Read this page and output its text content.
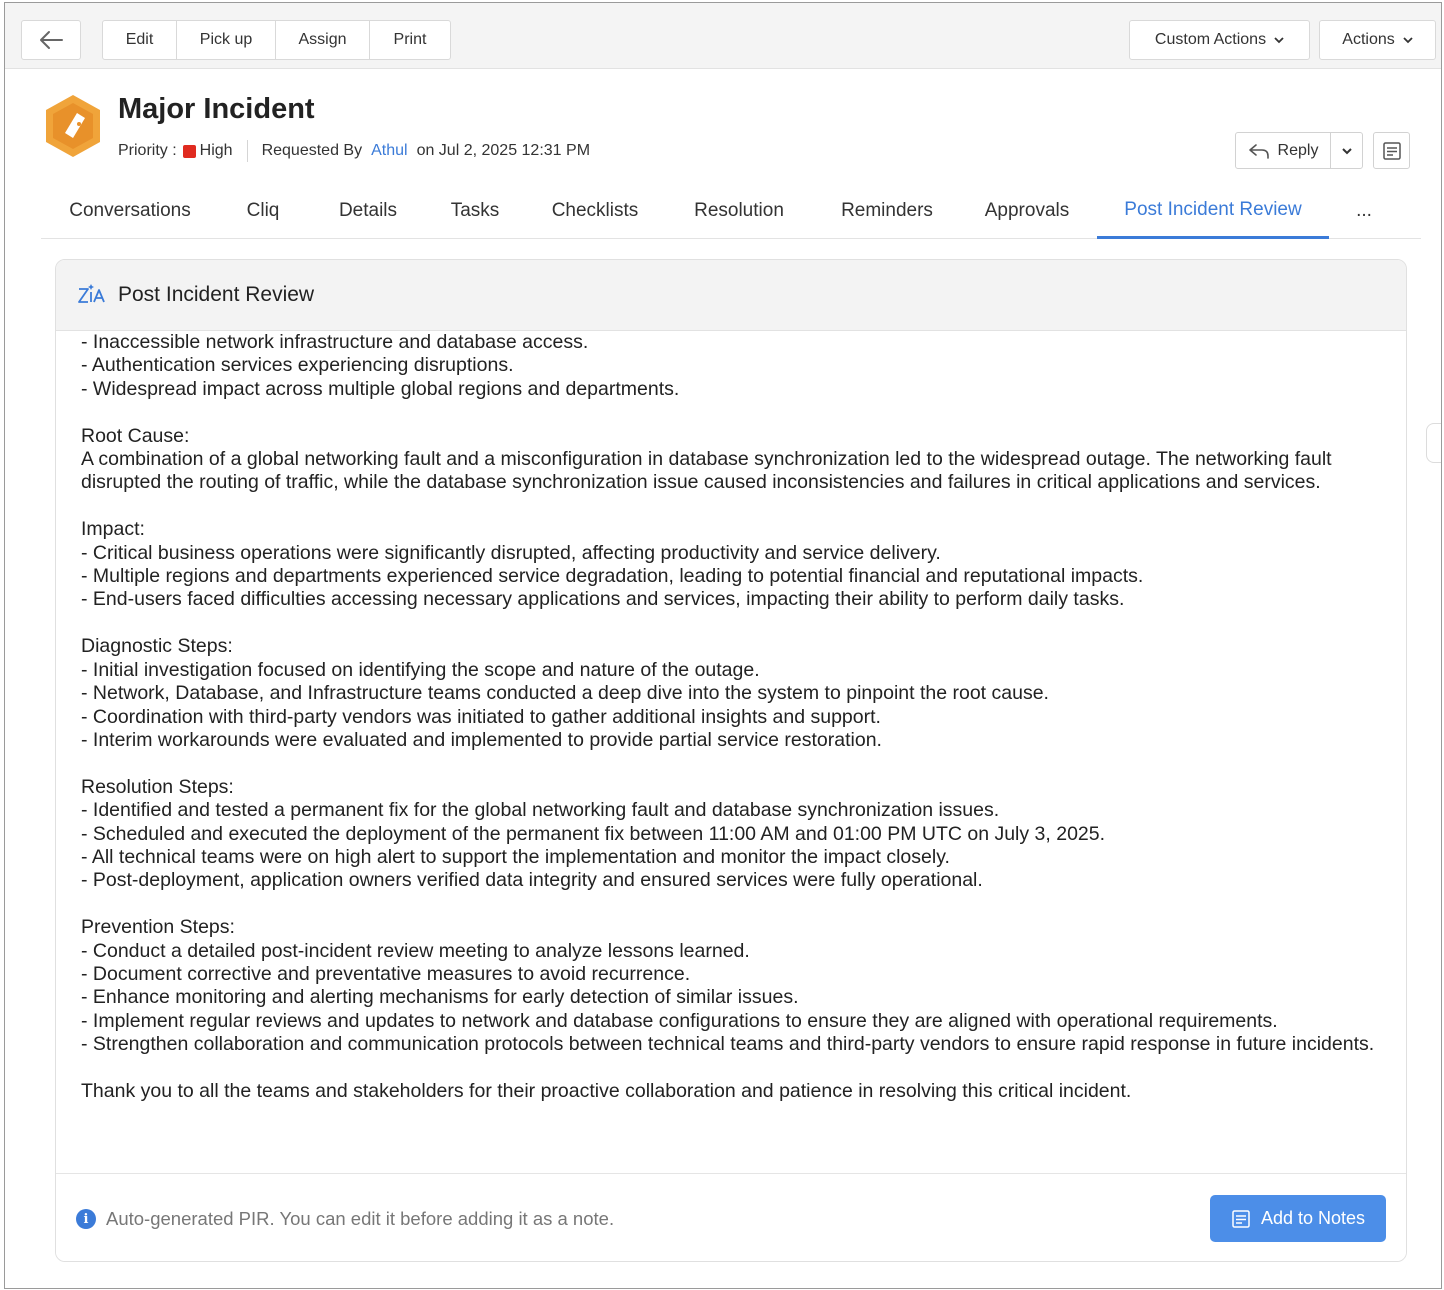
Edit	Pick up	Assign	Print	Custom Actions	Actions
Major Incident
Priority : High Requested By Athul on Jul 2, 2025 12:31 PM	Reply
Conversations	Cliq	Details	Tasks	Checklists	Resolution	Reminders	Approvals	Post Incident Review	...
Post Incident Review
- Inaccessible network infrastructure and database access.
- Authentication services experiencing disruptions.
- Widespread impact across multiple global regions and departments.

Root Cause:
A combination of a global networking fault and a misconfiguration in database synchronization led to the widespread outage. The networking fault disrupted the routing of traffic, while the database synchronization issue caused inconsistencies and failures in critical applications and services.

Impact:
- Critical business operations were significantly disrupted, affecting productivity and service delivery.
- Multiple regions and departments experienced service degradation, leading to potential financial and reputational impacts.
- End-users faced difficulties accessing necessary applications and services, impacting their ability to perform daily tasks.

Diagnostic Steps:
- Initial investigation focused on identifying the scope and nature of the outage.
- Network, Database, and Infrastructure teams conducted a deep dive into the system to pinpoint the root cause.
- Coordination with third-party vendors was initiated to gather additional insights and support.
- Interim workarounds were evaluated and implemented to provide partial service restoration.

Resolution Steps:
- Identified and tested a permanent fix for the global networking fault and database synchronization issues.
- Scheduled and executed the deployment of the permanent fix between 11:00 AM and 01:00 PM UTC on July 3, 2025.
- All technical teams were on high alert to support the implementation and monitor the impact closely.
- Post-deployment, application owners verified data integrity and ensured services were fully operational.

Prevention Steps:
- Conduct a detailed post-incident review meeting to analyze lessons learned.
- Document corrective and preventative measures to avoid recurrence.
- Enhance monitoring and alerting mechanisms for early detection of similar issues.
- Implement regular reviews and updates to network and database configurations to ensure they are aligned with operational requirements.
- Strengthen collaboration and communication protocols between technical teams and third-party vendors to ensure rapid response in future incidents.

Thank you to all the teams and stakeholders for their proactive collaboration and patience in resolving this critical incident.
i Auto-generated PIR. You can edit it before adding it as a note.	Add to Notes
